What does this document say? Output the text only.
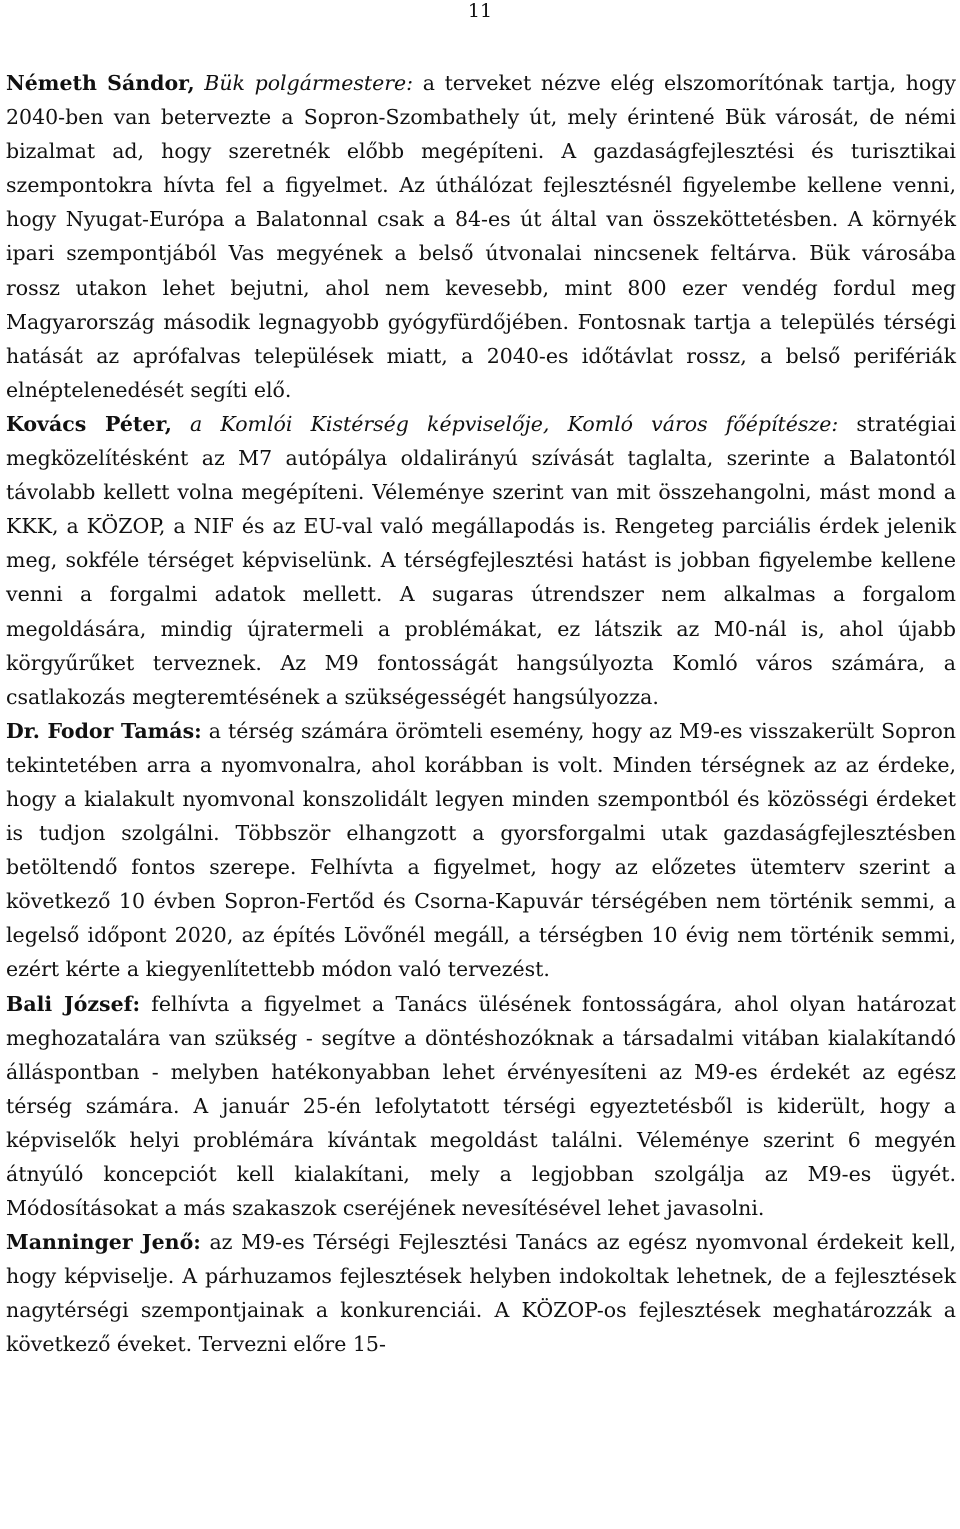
11

Németh Sándor, Bük polgármestere: a terveket nézve elég elszomorítónak tartja, hogy 2040-ben van betervezte a Sopron-Szombathely út, mely érintené Bük városát, de némi bizalmat ad, hogy szeretnék előbb megépíteni. A gazdaságfejlesztési és turisztikai szempontokra hívta fel a figyelmet. Az úthálózat fejlesztésnél figyelembe kellene venni, hogy Nyugat-Európa a Balatonnal csak a 84-es út által van összeköttetésben. A környék ipari szempontjából Vas megyének a belső útvonalai nincsenek feltárva. Bük városába rossz utakon lehet bejutni, ahol nem kevesebb, mint 800 ezer vendég fordul meg Magyarország második legnagyobb gyógyfürdőjében. Fontosnak tartja a település térségi hatását az aprófalvas települések miatt, a 2040-es időtávlat rossz, a belső perifériák elnéptelenedését segíti elő.

Kovács Péter, a Komlói Kistérség képviselője, Komló város főépítésze: stratégiai megközelítésként az M7 autópálya oldalirányú szívását taglalta, szerinte a Balatontól távolabb kellett volna megépíteni. Véleménye szerint van mit összehangolni, mást mond a KKK, a KÖZOP, a NIF és az EU-val való megállapodás is. Rengeteg parciális érdek jelenik meg, sokféle térséget képviselünk. A térségfejlesztési hatást is jobban figyelembe kellene venni a forgalmi adatok mellett. A sugaras útrendszer nem alkalmas a forgalom megoldására, mindig újratermeli a problémákat, ez látszik az M0-nál is, ahol újabb körgyűrűket terveznek. Az M9 fontosságát hangsúlyozta Komló város számára, a csatlakozás megteremtésének a szükségességét hangsúlyozza.

Dr. Fodor Tamás: a térség számára örömteli esemény, hogy az M9-es visszakerült Sopron tekintetében arra a nyomvonalra, ahol korábban is volt. Minden térségnek az az érdeke, hogy a kialakult nyomvonal konszolidált legyen minden szempontból és közösségi érdeket is tudjon szolgálni. Többször elhangzott a gyorsforgalmi utak gazdaságfejlesztésben betöltendő fontos szerepe. Felhívta a figyelmet, hogy az előzetes ütemterv szerint a következő 10 évben Sopron-Fertőd és Csorna-Kapuvár térségében nem történik semmi, a legelső időpont 2020, az építés Lövőnél megáll, a térségben 10 évig nem történik semmi, ezért kérte a kiegyenlítettebb módon való tervezést.

Bali József: felhívta a figyelmet a Tanács ülésének fontosságára, ahol olyan határozat meghozatalára van szükség - segítve a döntéshozóknak a társadalmi vitában kialakítandó álláspontban - melyben hatékonyabban lehet érvényesíteni az M9-es érdekét az egész térség számára. A január 25-én lefolytatott térségi egyeztetésből is kiderült, hogy a képviselők helyi problémára kívántak megoldást találni. Véleménye szerint 6 megyén átnyúló koncepciót kell kialakítani, mely a legjobban szolgálja az M9-es ügyét. Módosításokat a más szakaszok cseréjének nevesítésével lehet javasolni.

Manninger Jenő: az M9-es Térségi Fejlesztési Tanács az egész nyomvonal érdekeit kell, hogy képviselje. A párhuzamos fejlesztések helyben indokoltak lehetnek, de a fejlesztések nagytérségi szempontjainak a konkurenciái. A KÖZOP-os fejlesztések meghatározzák a következő éveket. Tervezni előre 15-
